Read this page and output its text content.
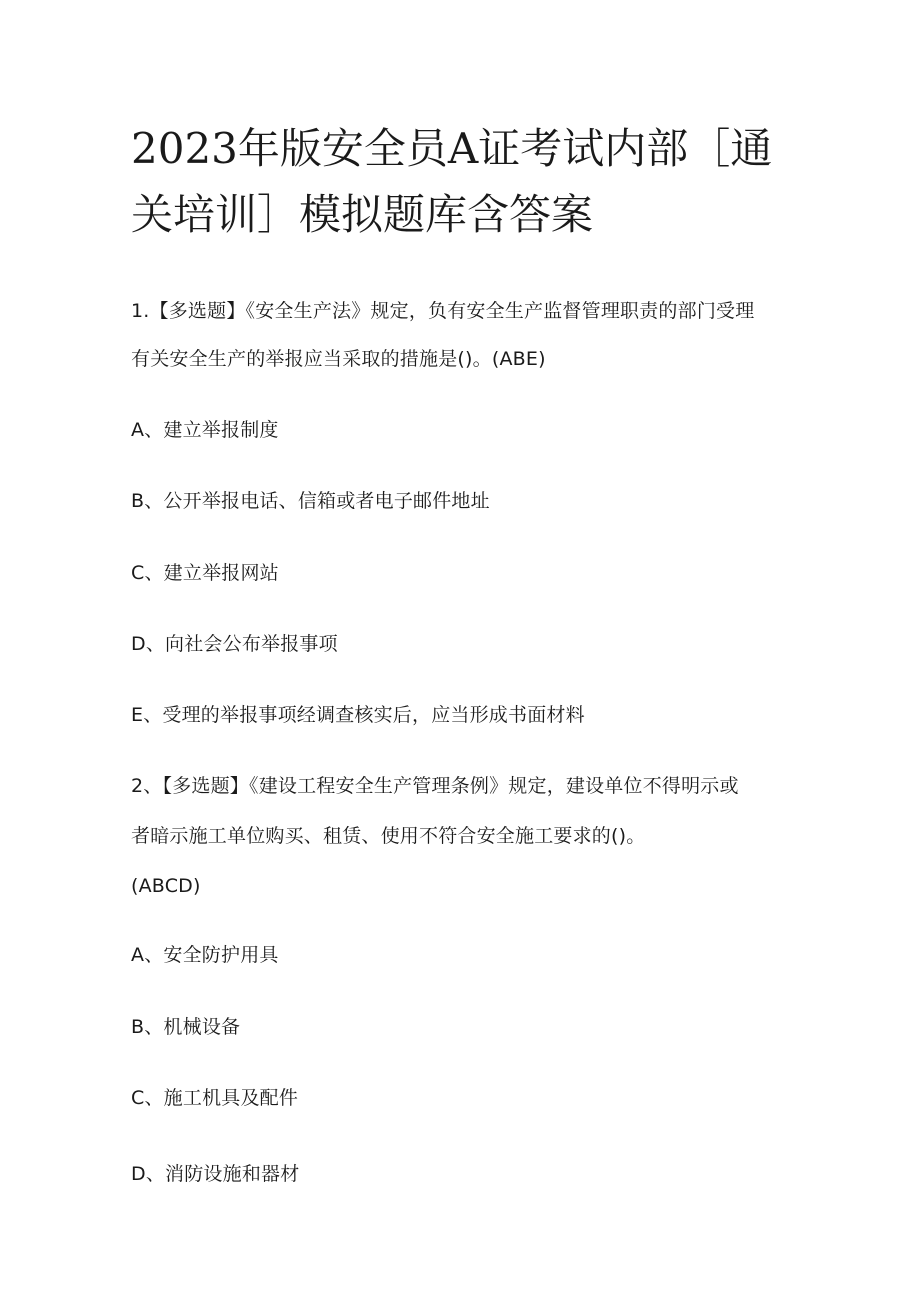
2023年版安全员A证考试内部［通
关培训］模拟题库含答案

1.【多选题】《安全生产法》规定，负有安全生产监督管理职责的部门受理

有关安全生产的举报应当采取的措施是()。(ABE)

A、建立举报制度

B、公开举报电话、信箱或者电子邮件地址

C、建立举报网站

D、向社会公布举报事项

E、受理的举报事项经调查核实后，应当形成书面材料

2、【多选题】《建设工程安全生产管理条例》规定，建设单位不得明示或

者暗示施工单位购买、租赁、使用不符合安全施工要求的()。

(ABCD)

A、安全防护用具

B、机械设备

C、施工机具及配件

D、消防设施和器材
